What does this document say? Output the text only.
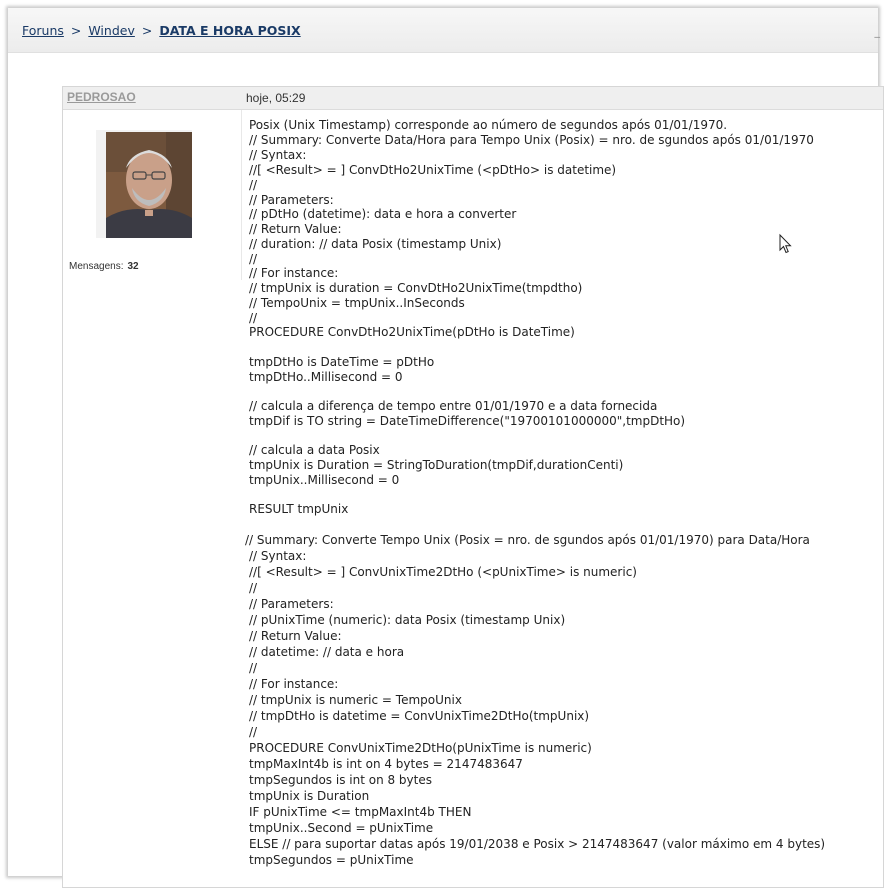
Foruns > Windev > DATA E HORA POSIX	_
PEDROSAO	hoje, 05:29
Mensagens: 32
Posix (Unix Timestamp) corresponde ao número de segundos após 01/01/1970.
// Summary: Converte Data/Hora para Tempo Unix (Posix) = nro. de sgundos após 01/01/1970
// Syntax:
//[ <Result> = ] ConvDtHo2UnixTime (<pDtHo> is datetime)
//
// Parameters:
// pDtHo (datetime): data e hora a converter
// Return Value:
// duration: // data Posix (timestamp Unix)
//
// For instance:
// tmpUnix is duration = ConvDtHo2UnixTime(tmpdtho)
// TempoUnix = tmpUnix..InSeconds
//
PROCEDURE ConvDtHo2UnixTime(pDtHo is DateTime)
tmpDtHo is DateTime = pDtHo
tmpDtHo..Millisecond = 0
// calcula a diferença de tempo entre 01/01/1970 e a data fornecida
tmpDif is TO string = DateTimeDifference("19700101000000",tmpDtHo)
// calcula a data Posix
tmpUnix is Duration = StringToDuration(tmpDif,durationCenti)
tmpUnix..Millisecond = 0
RESULT tmpUnix
// Summary: Converte Tempo Unix (Posix = nro. de sgundos após 01/01/1970) para Data/Hora
// Syntax:
//[ <Result> = ] ConvUnixTime2DtHo (<pUnixTime> is numeric)
//
// Parameters:
// pUnixTime (numeric): data Posix (timestamp Unix)
// Return Value:
// datetime: // data e hora
//
// For instance:
// tmpUnix is numeric = TempoUnix
// tmpDtHo is datetime = ConvUnixTime2DtHo(tmpUnix)
//
PROCEDURE ConvUnixTime2DtHo(pUnixTime is numeric)
tmpMaxInt4b is int on 4 bytes = 2147483647
tmpSegundos is int on 8 bytes
tmpUnix is Duration
IF pUnixTime <= tmpMaxInt4b THEN
tmpUnix..Second = pUnixTime
ELSE // para suportar datas após 19/01/2038 e Posix > 2147483647 (valor máximo em 4 bytes)
tmpSegundos = pUnixTime
